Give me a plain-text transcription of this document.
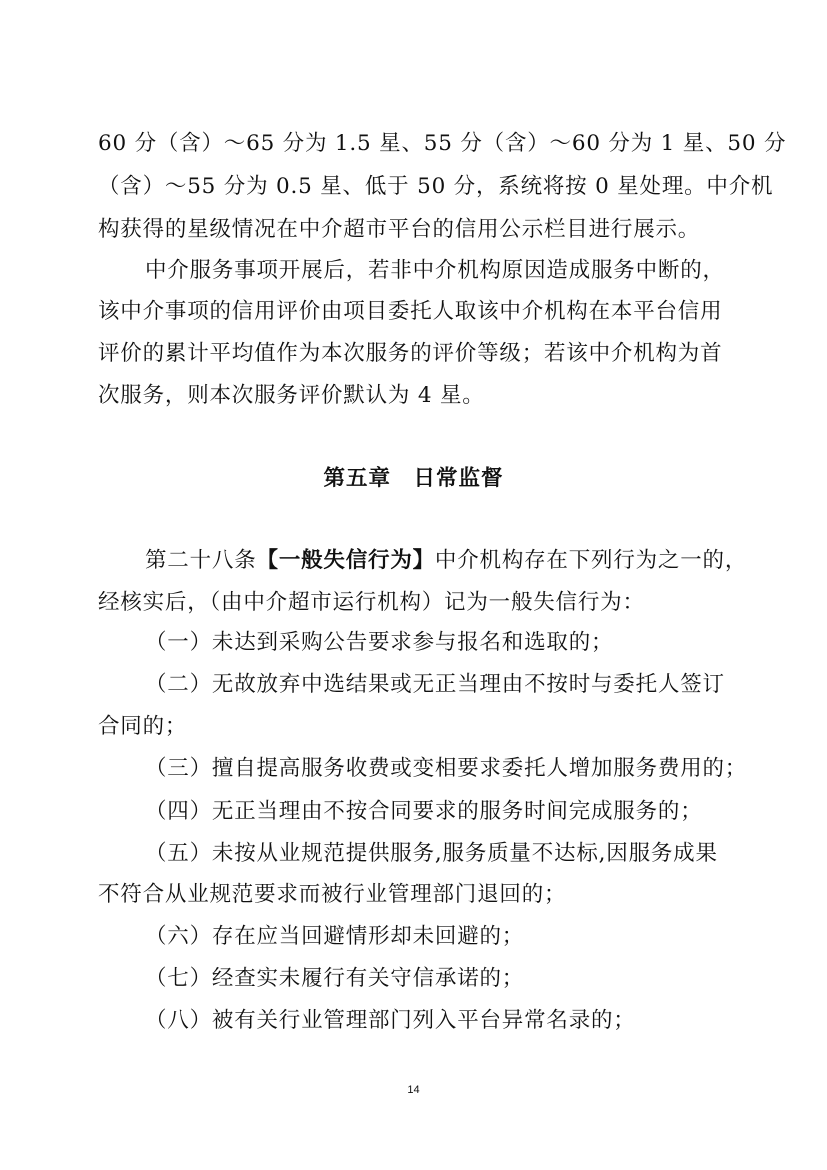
60 分（含）～65 分为 1.5 星、55 分（含）～60 分为 1 星、50 分
（含）～55 分为 0.5 星、低于 50 分，系统将按 0 星处理。中介机
构获得的星级情况在中介超市平台的信用公示栏目进行展示。
中介服务事项开展后，若非中介机构原因造成服务中断的，
该中介事项的信用评价由项目委托人取该中介机构在本平台信用
评价的累计平均值作为本次服务的评价等级；若该中介机构为首
次服务，则本次服务评价默认为 4 星。
第五章　日常监督
第二十八条【一般失信行为】中介机构存在下列行为之一的，
经核实后，（由中介超市运行机构）记为一般失信行为：
（一）未达到采购公告要求参与报名和选取的；
（二）无故放弃中选结果或无正当理由不按时与委托人签订
合同的；
（三）擅自提高服务收费或变相要求委托人增加服务费用的；
（四）无正当理由不按合同要求的服务时间完成服务的；
（五）未按从业规范提供服务,服务质量不达标,因服务成果
不符合从业规范要求而被行业管理部门退回的；
（六）存在应当回避情形却未回避的；
（七）经查实未履行有关守信承诺的；
（八）被有关行业管理部门列入平台异常名录的；
14
